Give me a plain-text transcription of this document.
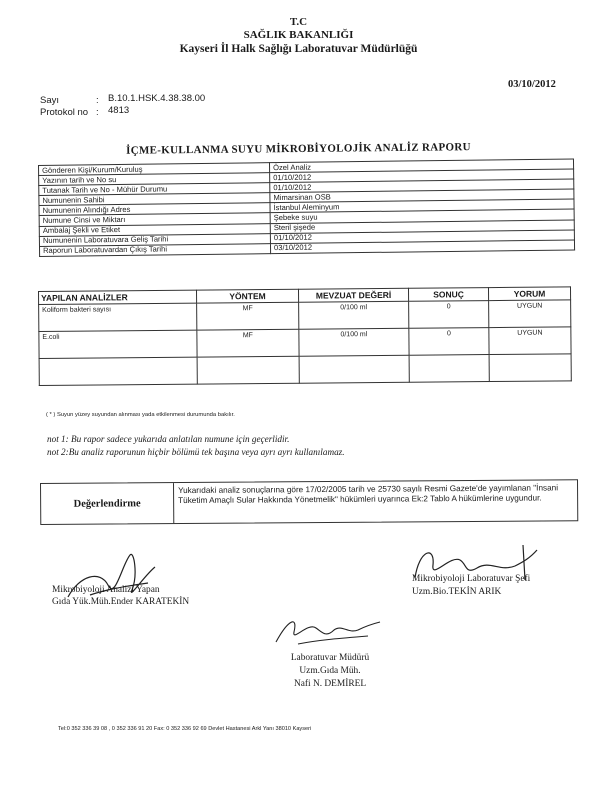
T.C
SAĞLIK BAKANLIĞI
Kayseri İl Halk Sağlığı Laboratuvar Müdürlüğü
03/10/2012
Sayı	: B.10.1.HSK.4.38.38.00
Protokol no : 4813
İÇME-KULLANMA SUYU MİKROBİYOLOJİK ANALİZ RAPORU
Gönderen Kişi/Kurum/Kuruluş	Özel Analiz
Yazının tarih ve No su	01/10/2012
Tutanak Tarih ve No - Mühür Durumu	01/10/2012
Numunenin Sahibi	Mimarsinan OSB
Numunenin Alındığı Adres	İstanbul Aleminyum
Numune Cinsi ve Miktarı	Şebeke suyu
Ambalaj Şekli ve Etiket	Steril şişede
Numunenin Laboratuvara Geliş Tarihi	01/10/2012
Raporun Laboratuvardan Çıkış Tarihi	03/10/2012
YAPILAN ANALİZLER	YÖNTEM	MEVZUAT DEĞERİ	SONUÇ	YORUM
Koliform bakteri sayısı	MF	0/100 ml	0	UYGUN
E.coli	MF	0/100 ml	0	UYGUN

( * ) Suyun yüzey suyundan alınması yada etkilenmesi durumunda bakılır.
not 1: Bu rapor sadece yukarıda anlatılan numune için geçerlidir.
not 2:Bu analiz raporunun hiçbir bölümü tek başına veya ayrı ayrı kullanılamaz.
Değerlendirme
Yukarıdaki analiz sonuçlarına göre 17/02/2005 tarih ve 25730 sayılı Resmi Gazete'de yayımlanan "İnsani Tüketim Amaçlı Sular Hakkında Yönetmelik" hükümleri uyarınca Ek:2 Tablo A hükümlerine uygundur.
Mikrobiyoloji Analizi Yapan
Gıda Yük.Müh.Ender KARATEKİN
Mikrobiyoloji Laboratuvar Şefi
Uzm.Bio.TEKİN ARIK
Laboratuvar Müdürü
Uzm.Gıda Müh.
Nafi N. DEMİREL
Tel:0 352 336 39 08 , 0 352 336 91 20 Fax: 0 352 336 92 69 Devlet Hastanesi Arkl Yanı 38010 Kayseri
